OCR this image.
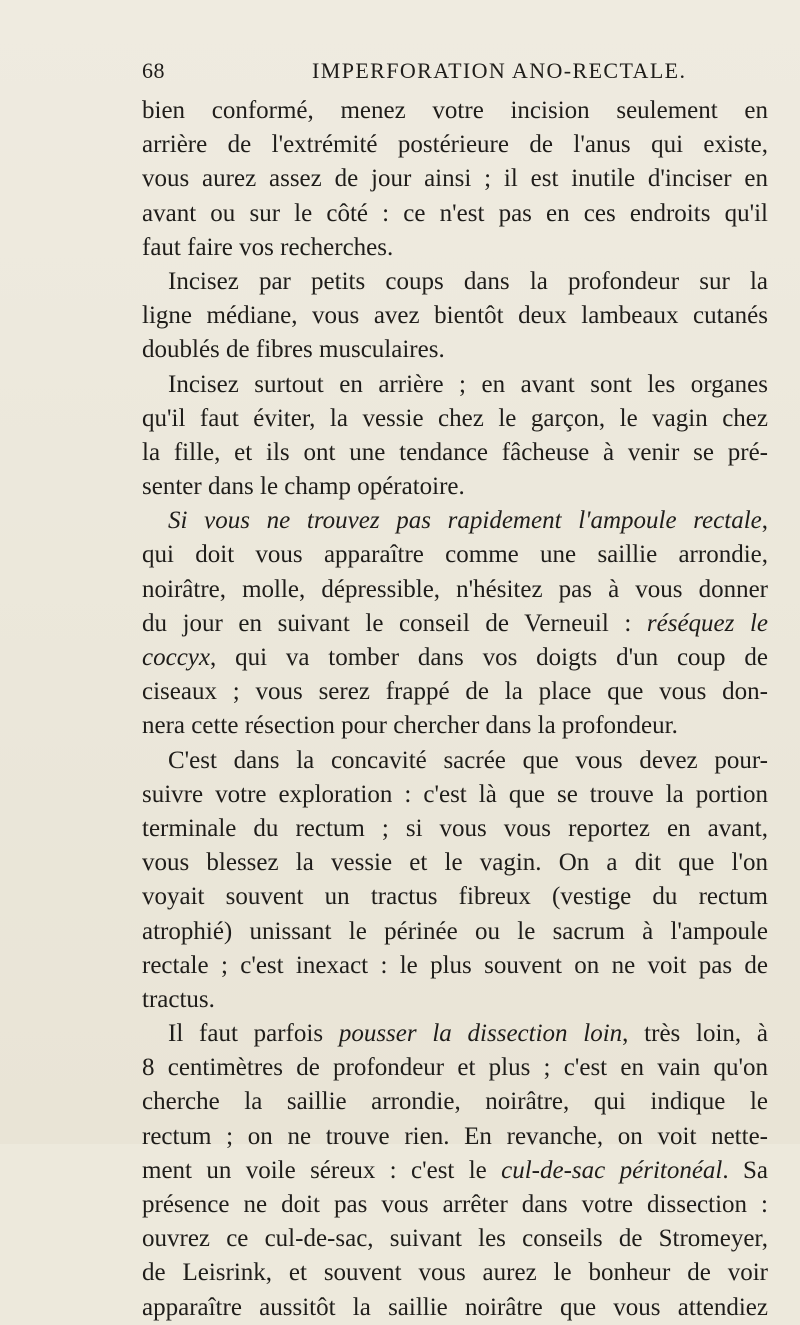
68	IMPERFORATION ANO-RECTALE.
bien conformé, menez votre incision seulement en
arrière de l'extrémité postérieure de l'anus qui existe,
vous aurez assez de jour ainsi ; il est inutile d'inciser en
avant ou sur le côté : ce n'est pas en ces endroits qu'il
faut faire vos recherches.
Incisez par petits coups dans la profondeur sur la
ligne médiane, vous avez bientôt deux lambeaux cutanés
doublés de fibres musculaires.
Incisez surtout en arrière ; en avant sont les organes
qu'il faut éviter, la vessie chez le garçon, le vagin chez
la fille, et ils ont une tendance fâcheuse à venir se pré-
senter dans le champ opératoire.
Si vous ne trouvez pas rapidement l'ampoule rectale,
qui doit vous apparaître comme une saillie arrondie,
noirâtre, molle, dépressible, n'hésitez pas à vous donner
du jour en suivant le conseil de Verneuil : réséquez le
coccyx, qui va tomber dans vos doigts d'un coup de
ciseaux ; vous serez frappé de la place que vous don-
nera cette résection pour chercher dans la profondeur.
C'est dans la concavité sacrée que vous devez pour-
suivre votre exploration : c'est là que se trouve la portion
terminale du rectum ; si vous vous reportez en avant,
vous blessez la vessie et le vagin. On a dit que l'on
voyait souvent un tractus fibreux (vestige du rectum
atrophié) unissant le périnée ou le sacrum à l'ampoule
rectale ; c'est inexact : le plus souvent on ne voit pas de
tractus.
Il faut parfois pousser la dissection loin, très loin, à
8 centimètres de profondeur et plus ; c'est en vain qu'on
cherche la saillie arrondie, noirâtre, qui indique le
rectum ; on ne trouve rien. En revanche, on voit nette-
ment un voile séreux : c'est le cul-de-sac péritonéal. Sa
présence ne doit pas vous arrêter dans votre dissection :
ouvrez ce cul-de-sac, suivant les conseils de Stromeyer,
de Leisrink, et souvent vous aurez le bonheur de voir
apparaître aussitôt la saillie noirâtre que vous attendiez
